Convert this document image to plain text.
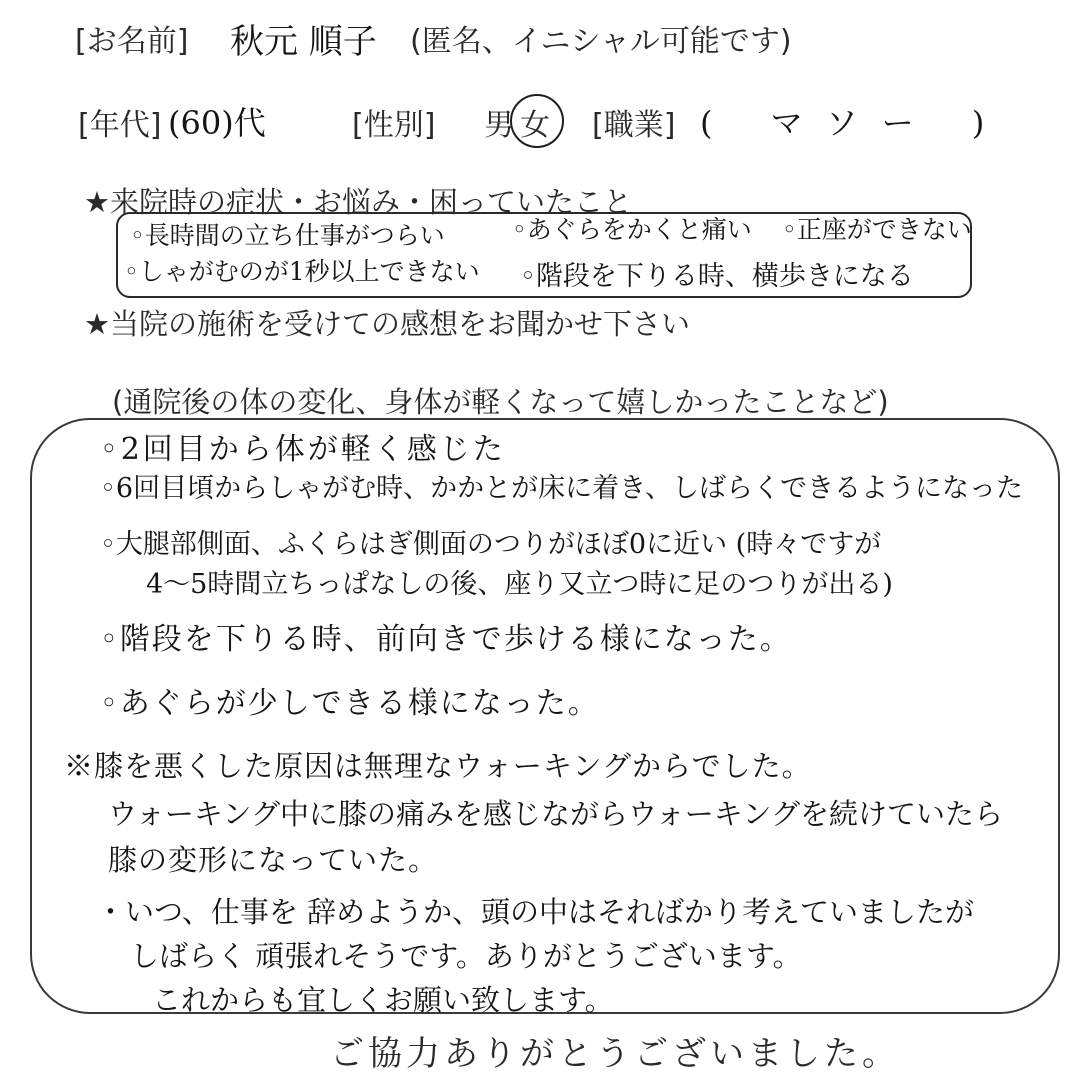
[お名前] 秋元 順子 (匿名、イニシャル可能です)
[年代] (60)代	[性別] 男 女 [職業] ( マソー )
★来院時の症状・お悩み・困っていたこと
◦長時間の立ち仕事がつらい	◦あぐらをかくと痛い ◦正座ができない
◦しゃがむのが1秒以上できない ◦階段を下りる時、横歩きになる
★当院の施術を受けての感想をお聞かせ下さい
(通院後の体の変化、身体が軽くなって嬉しかったことなど)
◦2回目から体が軽く感じた
◦6回目頃からしゃがむ時、かかとが床に着き、しばらくできるようになった
◦大腿部側面、ふくらはぎ側面のつりがほぼ0に近い (時々ですが
4～5時間立ちっぱなしの後、座り又立つ時に足のつりが出る)
◦階段を下りる時、前向きで歩ける様になった。
◦あぐらが少しできる様になった。
※膝を悪くした原因は無理なウォーキングからでした。
ウォーキング中に膝の痛みを感じながらウォーキングを続けていたら
膝の変形になっていた。
・いつ、仕事を 辞めようか、頭の中はそればかり考えていましたが
しばらく 頑張れそうです。ありがとうございます。
これからも宜しくお願い致します。
ご協力ありがとうございました。
